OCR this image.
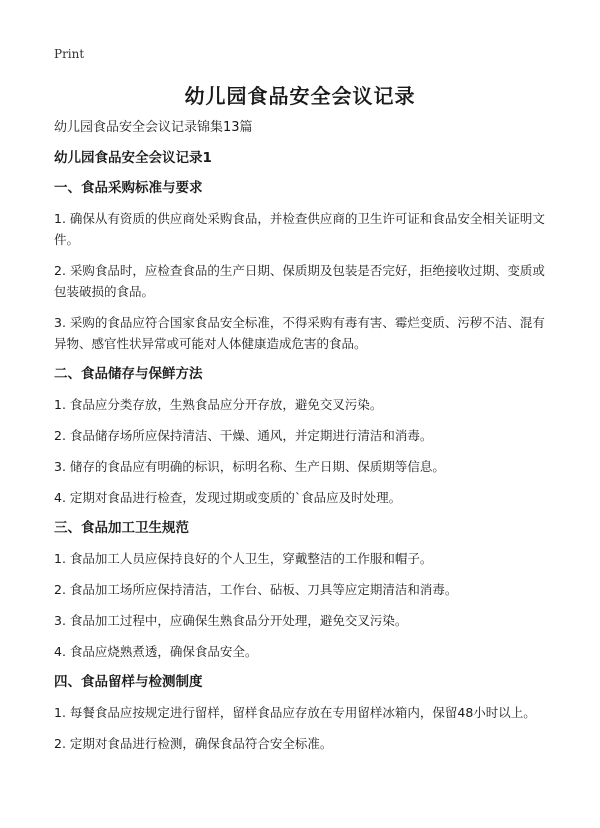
Print
幼儿园食品安全会议记录

幼儿园食品安全会议记录锦集13篇

幼儿园食品安全会议记录1

一、食品采购标准与要求

1. 确保从有资质的供应商处采购食品，并检查供应商的卫生许可证和食品安全相关证明文件。

2. 采购食品时，应检查食品的生产日期、保质期及包装是否完好，拒绝接收过期、变质或包装破损的食品。

3. 采购的食品应符合国家食品安全标准，不得采购有毒有害、霉烂变质、污秽不洁、混有异物、感官性状异常或可能对人体健康造成危害的食品。

二、食品储存与保鲜方法

1. 食品应分类存放，生熟食品应分开存放，避免交叉污染。

2. 食品储存场所应保持清洁、干燥、通风，并定期进行清洁和消毒。

3. 储存的食品应有明确的标识，标明名称、生产日期、保质期等信息。

4. 定期对食品进行检查，发现过期或变质的`食品应及时处理。

三、食品加工卫生规范

1. 食品加工人员应保持良好的个人卫生，穿戴整洁的工作服和帽子。

2. 食品加工场所应保持清洁，工作台、砧板、刀具等应定期清洁和消毒。

3. 食品加工过程中，应确保生熟食品分开处理，避免交叉污染。

4. 食品应烧熟煮透，确保食品安全。

四、食品留样与检测制度

1. 每餐食品应按规定进行留样，留样食品应存放在专用留样冰箱内，保留48小时以上。

2. 定期对食品进行检测，确保食品符合安全标准。
